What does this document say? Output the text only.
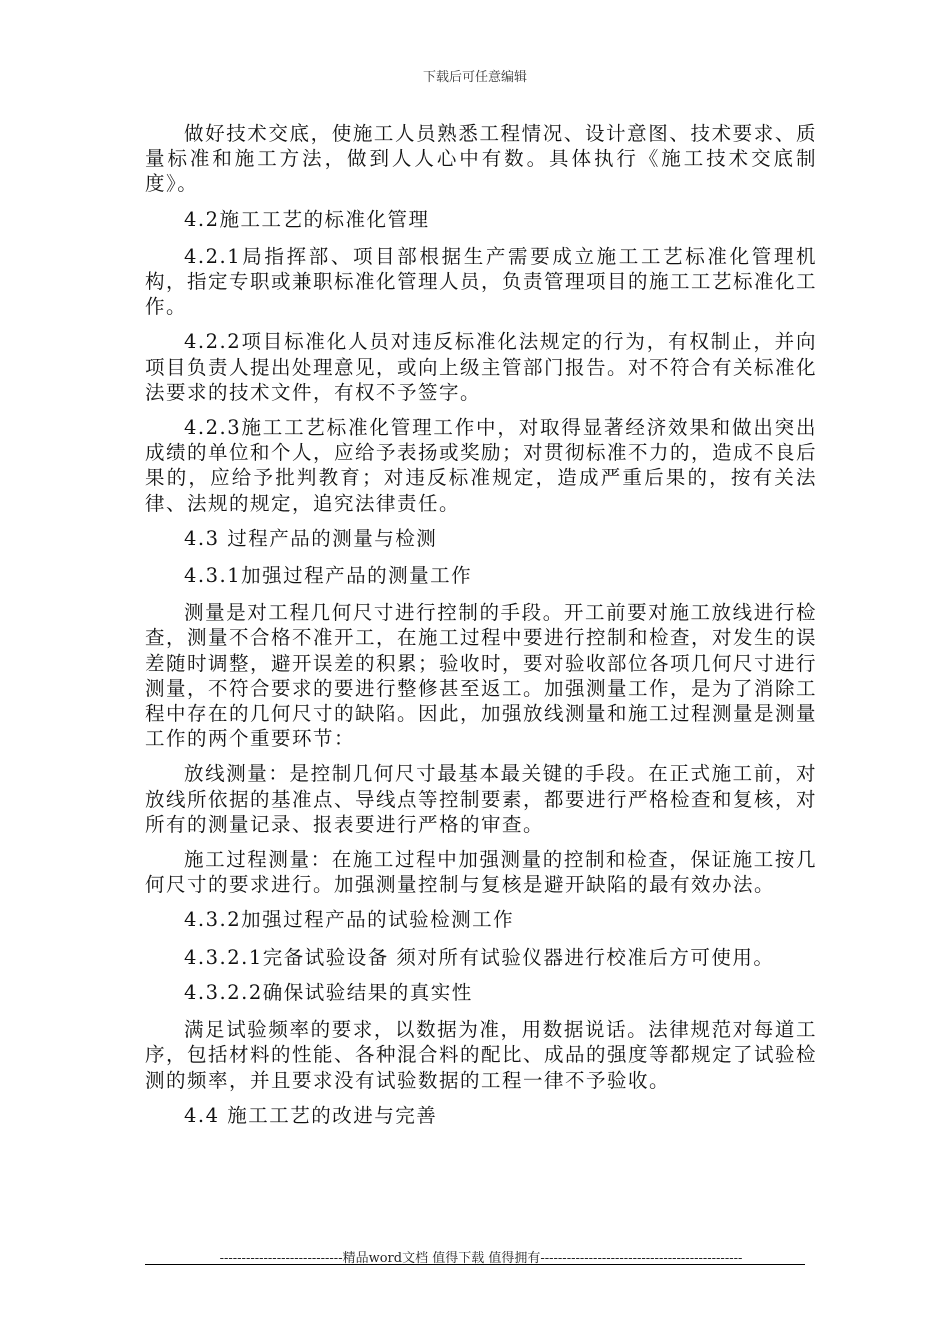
下载后可任意编辑

做好技术交底，使施工人员熟悉工程情况、设计意图、技术要求、质量标准和施工方法，做到人人心中有数。具体执行《施工技术交底制度》。

4.2施工工艺的标准化管理

4.2.1局指挥部、项目部根据生产需要成立施工工艺标准化管理机构，指定专职或兼职标准化管理人员，负责管理项目的施工工艺标准化工作。

4.2.2项目标准化人员对违反标准化法规定的行为，有权制止，并向项目负责人提出处理意见，或向上级主管部门报告。对不符合有关标准化法要求的技术文件，有权不予签字。

4.2.3施工工艺标准化管理工作中，对取得显著经济效果和做出突出成绩的单位和个人，应给予表扬或奖励；对贯彻标准不力的，造成不良后果的，应给予批判教育；对违反标准规定，造成严重后果的，按有关法律、法规的规定，追究法律责任。

4.3 过程产品的测量与检测

4.3.1加强过程产品的测量工作

测量是对工程几何尺寸进行控制的手段。开工前要对施工放线进行检查，测量不合格不准开工，在施工过程中要进行控制和检查，对发生的误差随时调整，避开误差的积累；验收时，要对验收部位各项几何尺寸进行测量，不符合要求的要进行整修甚至返工。加强测量工作，是为了消除工程中存在的几何尺寸的缺陷。因此，加强放线测量和施工过程测量是测量工作的两个重要环节：

放线测量：是控制几何尺寸最基本最关键的手段。在正式施工前，对放线所依据的基准点、导线点等控制要素，都要进行严格检查和复核，对所有的测量记录、报表要进行严格的审查。

施工过程测量：在施工过程中加强测量的控制和检查，保证施工按几何尺寸的要求进行。加强测量控制与复核是避开缺陷的最有效办法。

4.3.2加强过程产品的试验检测工作

4.3.2.1完备试验设备 须对所有试验仪器进行校准后方可使用。

4.3.2.2确保试验结果的真实性

满足试验频率的要求，以数据为准，用数据说话。法律规范对每道工序，包括材料的性能、各种混合料的配比、成品的强度等都规定了试验检测的频率，并且要求没有试验数据的工程一律不予验收。

4.4 施工工艺的改进与完善

----------------------------精品word文档 值得下载 值得拥有----------------------------------------------
